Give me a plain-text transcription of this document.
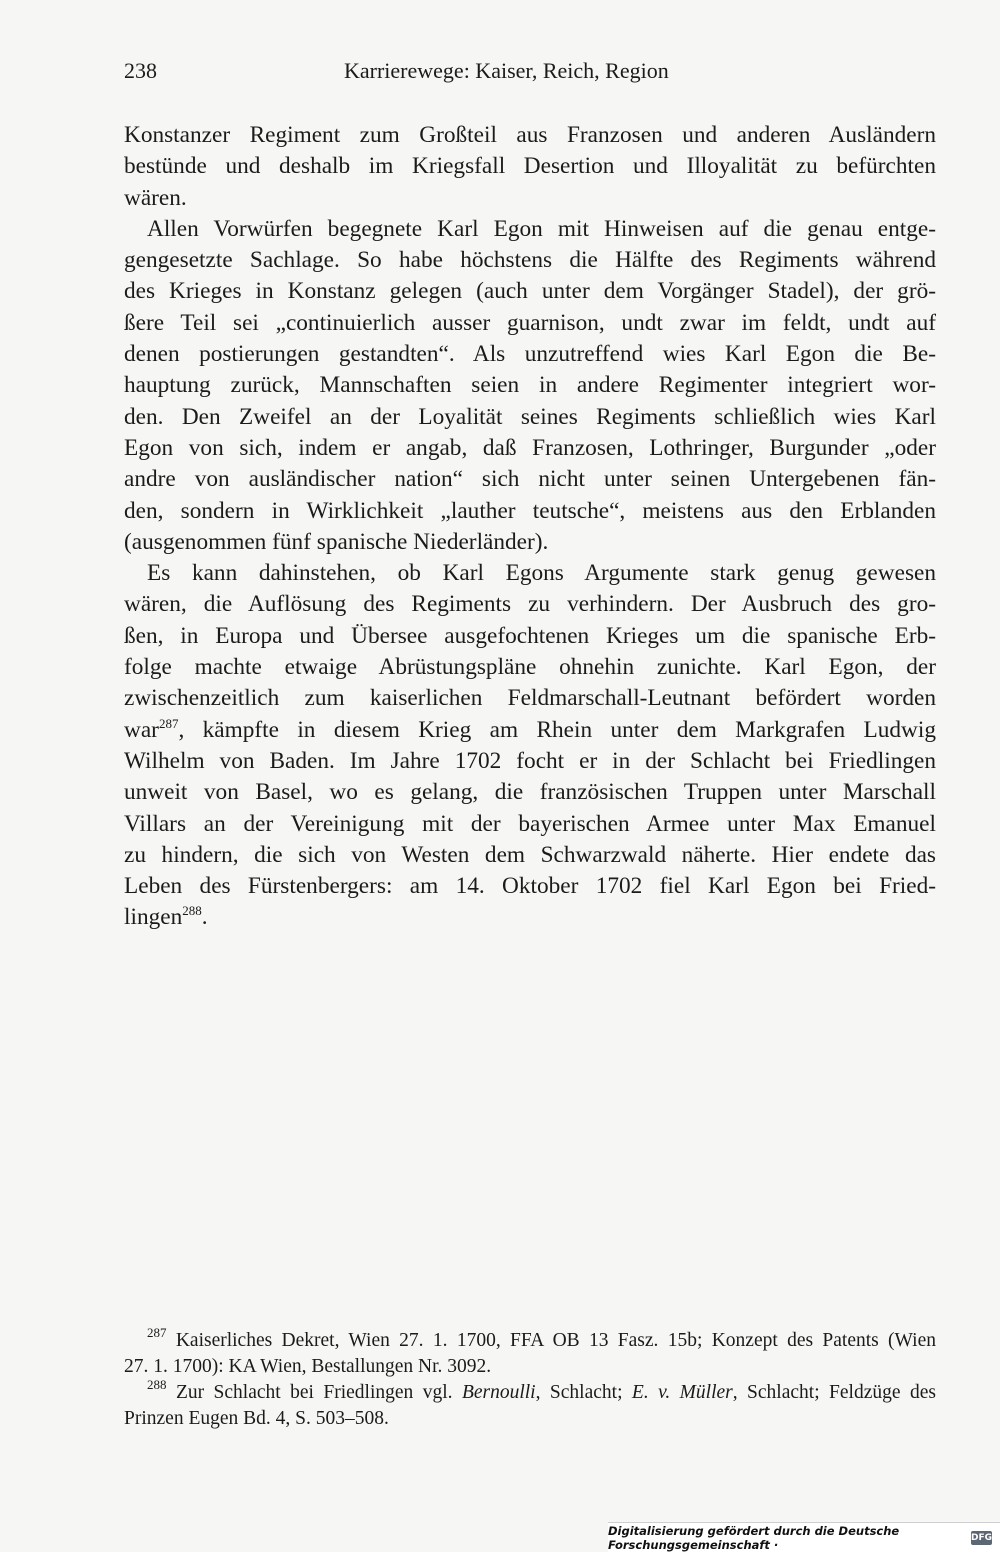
238	Karrierewege: Kaiser, Reich, Region
Konstanzer Regiment zum Großteil aus Franzosen und anderen Ausländern
bestünde und deshalb im Kriegsfall Desertion und Illoyalität zu befürchten
wären.
Allen Vorwürfen begegnete Karl Egon mit Hinweisen auf die genau entge-
gengesetzte Sachlage. So habe höchstens die Hälfte des Regiments während
des Krieges in Konstanz gelegen (auch unter dem Vorgänger Stadel), der grö-
ßere Teil sei „continuierlich ausser guarnison, undt zwar im feldt, undt auf
denen postierungen gestandten“. Als unzutreffend wies Karl Egon die Be-
hauptung zurück, Mannschaften seien in andere Regimenter integriert wor-
den. Den Zweifel an der Loyalität seines Regiments schließlich wies Karl
Egon von sich, indem er angab, daß Franzosen, Lothringer, Burgunder „oder
andre von ausländischer nation“ sich nicht unter seinen Untergebenen fän-
den, sondern in Wirklichkeit „lauther teutsche“, meistens aus den Erblanden
(ausgenommen fünf spanische Niederländer).
Es kann dahinstehen, ob Karl Egons Argumente stark genug gewesen
wären, die Auflösung des Regiments zu verhindern. Der Ausbruch des gro-
ßen, in Europa und Übersee ausgefochtenen Krieges um die spanische Erb-
folge machte etwaige Abrüstungspläne ohnehin zunichte. Karl Egon, der
zwischenzeitlich zum kaiserlichen Feldmarschall-Leutnant befördert worden
war$^{287}$, kämpfte in diesem Krieg am Rhein unter dem Markgrafen Ludwig
Wilhelm von Baden. Im Jahre 1702 focht er in der Schlacht bei Friedlingen
unweit von Basel, wo es gelang, die französischen Truppen unter Marschall
Villars an der Vereinigung mit der bayerischen Armee unter Max Emanuel
zu hindern, die sich von Westen dem Schwarzwald näherte. Hier endete das
Leben des Fürstenbergers: am 14. Oktober 1702 fiel Karl Egon bei Fried-
lingen$^{288}$.
$^{287}$ Kaiserliches Dekret, Wien 27. 1. 1700, FFA OB 13 Fasz. 15b; Konzept des Patents (Wien
27. 1. 1700): KA Wien, Bestallungen Nr. 3092.
$^{288}$ Zur Schlacht bei Friedlingen vgl. Bernoulli, Schlacht; E. v. Müller, Schlacht; Feldzüge des
Prinzen Eugen Bd. 4, S. 503–508.
Digitalisierung gefördert durch die Deutsche Forschungsgemeinschaft ·	DFG
